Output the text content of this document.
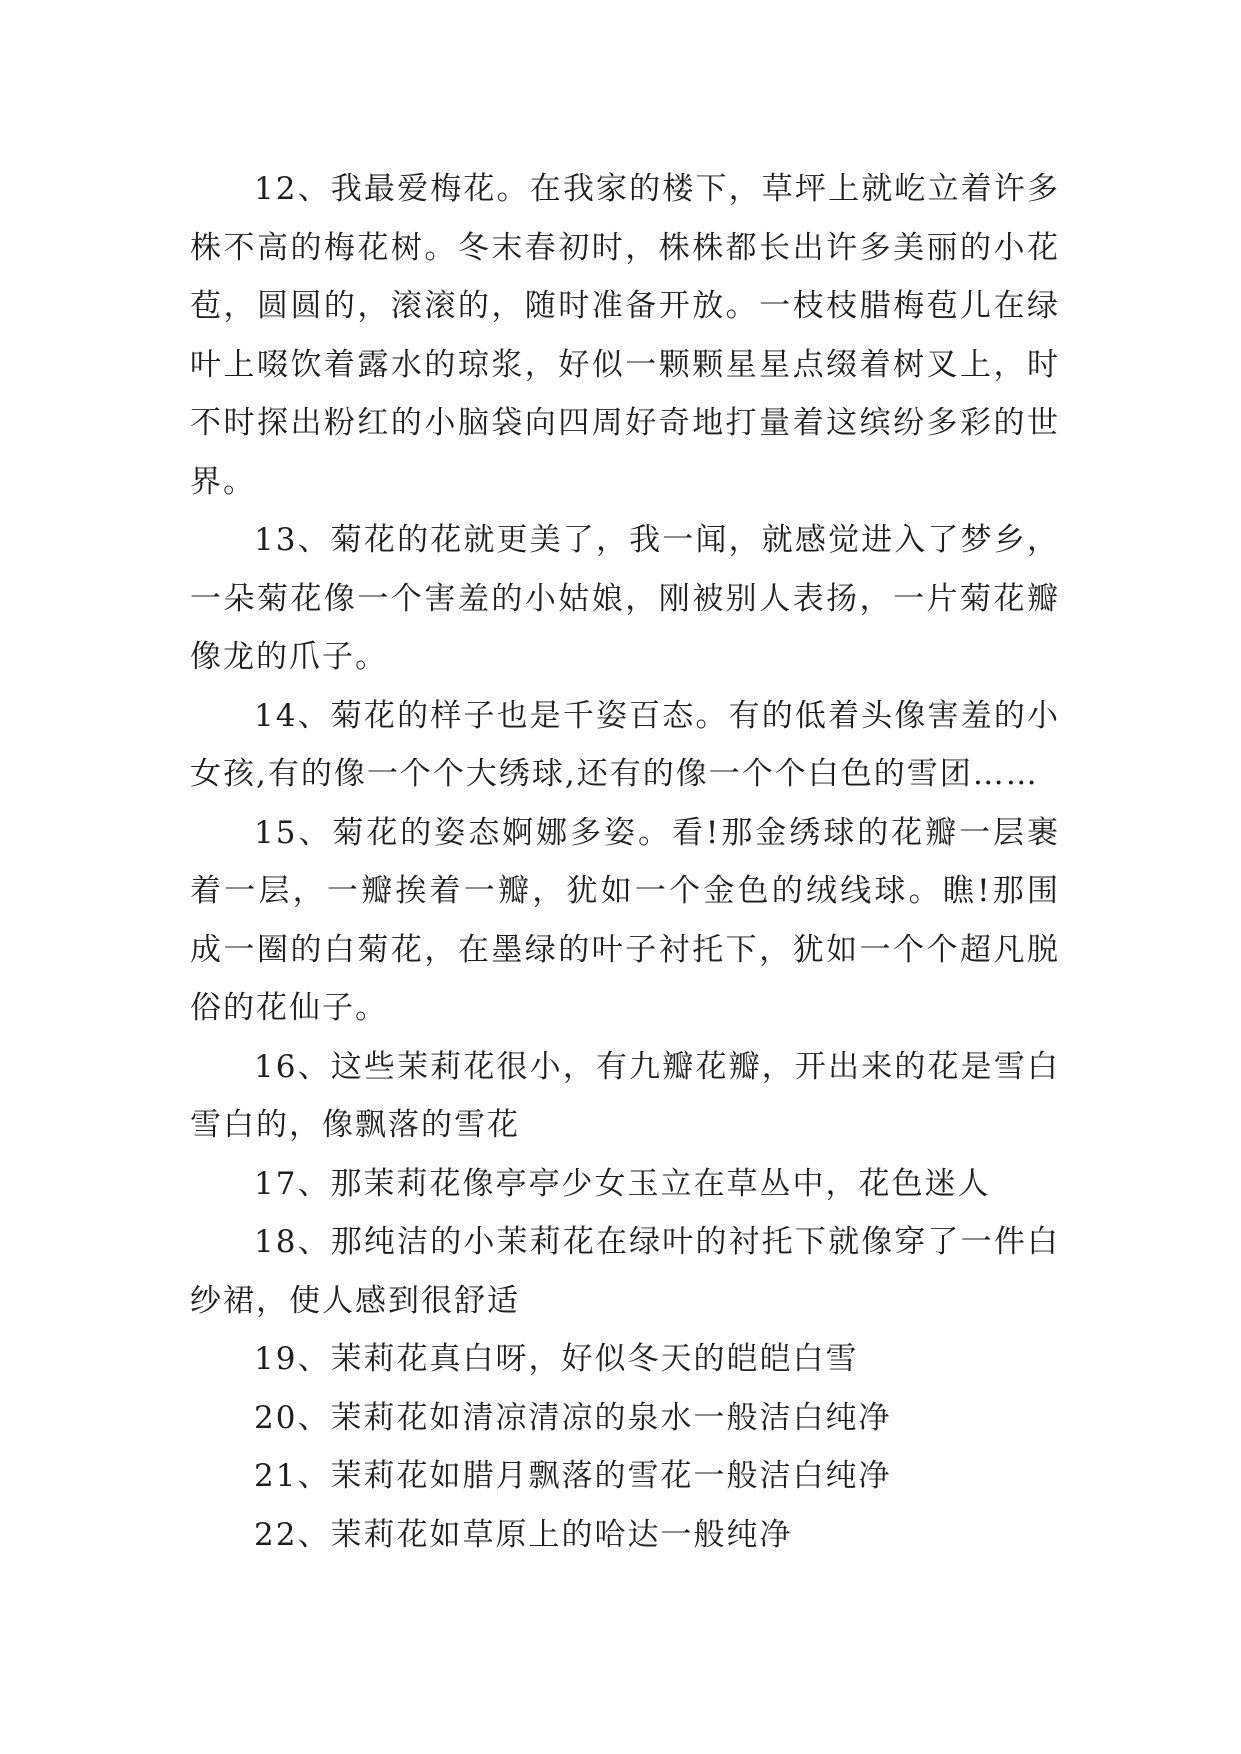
12、我最爱梅花。在我家的楼下，草坪上就屹立着许多株不高的梅花树。冬末春初时，株株都长出许多美丽的小花苞，圆圆的，滚滚的，随时准备开放。一枝枝腊梅苞儿在绿叶上啜饮着露水的琼浆，好似一颗颗星星点缀着树叉上，时不时探出粉红的小脑袋向四周好奇地打量着这缤纷多彩的世界。

13、菊花的花就更美了，我一闻，就感觉进入了梦乡，一朵菊花像一个害羞的小姑娘，刚被别人表扬，一片菊花瓣像龙的爪子。

14、菊花的样子也是千姿百态。有的低着头像害羞的小女孩,有的像一个个大绣球,还有的像一个个白色的雪团……

15、菊花的姿态婀娜多姿。看!那金绣球的花瓣一层裹着一层，一瓣挨着一瓣，犹如一个金色的绒线球。瞧!那围成一圈的白菊花，在墨绿的叶子衬托下，犹如一个个超凡脱俗的花仙子。

16、这些茉莉花很小，有九瓣花瓣，开出来的花是雪白雪白的，像飘落的雪花

17、那茉莉花像亭亭少女玉立在草丛中，花色迷人

18、那纯洁的小茉莉花在绿叶的衬托下就像穿了一件白纱裙，使人感到很舒适

19、茉莉花真白呀，好似冬天的皑皑白雪

20、茉莉花如清凉清凉的泉水一般洁白纯净

21、茉莉花如腊月飘落的雪花一般洁白纯净

22、茉莉花如草原上的哈达一般纯净
